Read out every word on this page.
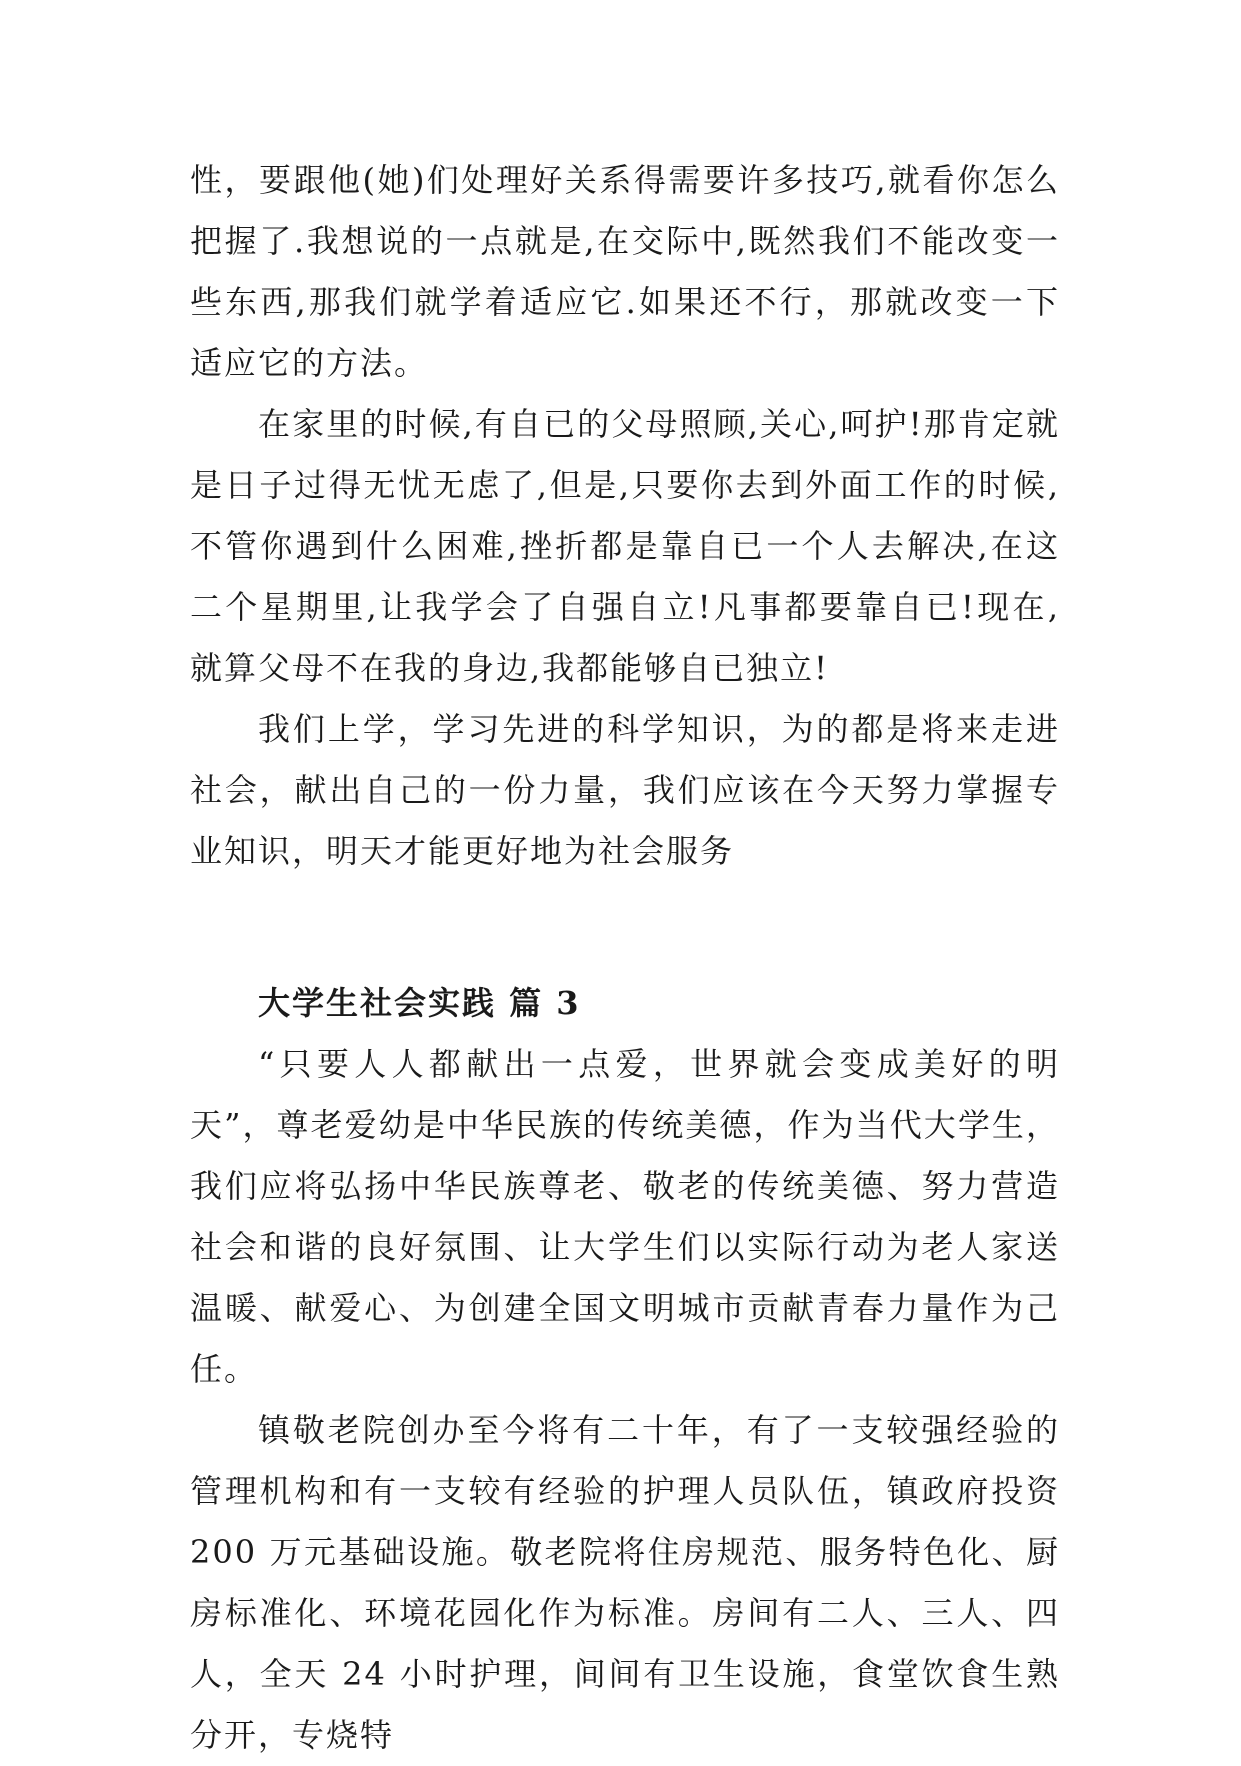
性，要跟他(她)们处理好关系得需要许多技巧,就看你怎么把握了.我想说的一点就是,在交际中,既然我们不能改变一些东西,那我们就学着适应它.如果还不行，那就改变一下适应它的方法。

在家里的时候,有自已的父母照顾,关心,呵护!那肯定就是日子过得无忧无虑了,但是,只要你去到外面工作的时候,不管你遇到什么困难,挫折都是靠自已一个人去解决,在这二个星期里,让我学会了自强自立!凡事都要靠自已!现在,就算父母不在我的身边,我都能够自已独立!

我们上学，学习先进的科学知识，为的都是将来走进社会，献出自己的一份力量，我们应该在今天努力掌握专业知识，明天才能更好地为社会服务

大学生社会实践 篇 3

“只要人人都献出一点爱，世界就会变成美好的明天”，尊老爱幼是中华民族的传统美德，作为当代大学生，我们应将弘扬中华民族尊老、敬老的传统美德、努力营造社会和谐的良好氛围、让大学生们以实际行动为老人家送温暖、献爱心、为创建全国文明城市贡献青春力量作为己任。

镇敬老院创办至今将有二十年，有了一支较强经验的管理机构和有一支较有经验的护理人员队伍，镇政府投资 200 万元基础设施。敬老院将住房规范、服务特色化、厨房标准化、环境花园化作为标准。房间有二人、三人、四人，全天 24 小时护理，间间有卫生设施，食堂饮食生熟分开，专烧特
